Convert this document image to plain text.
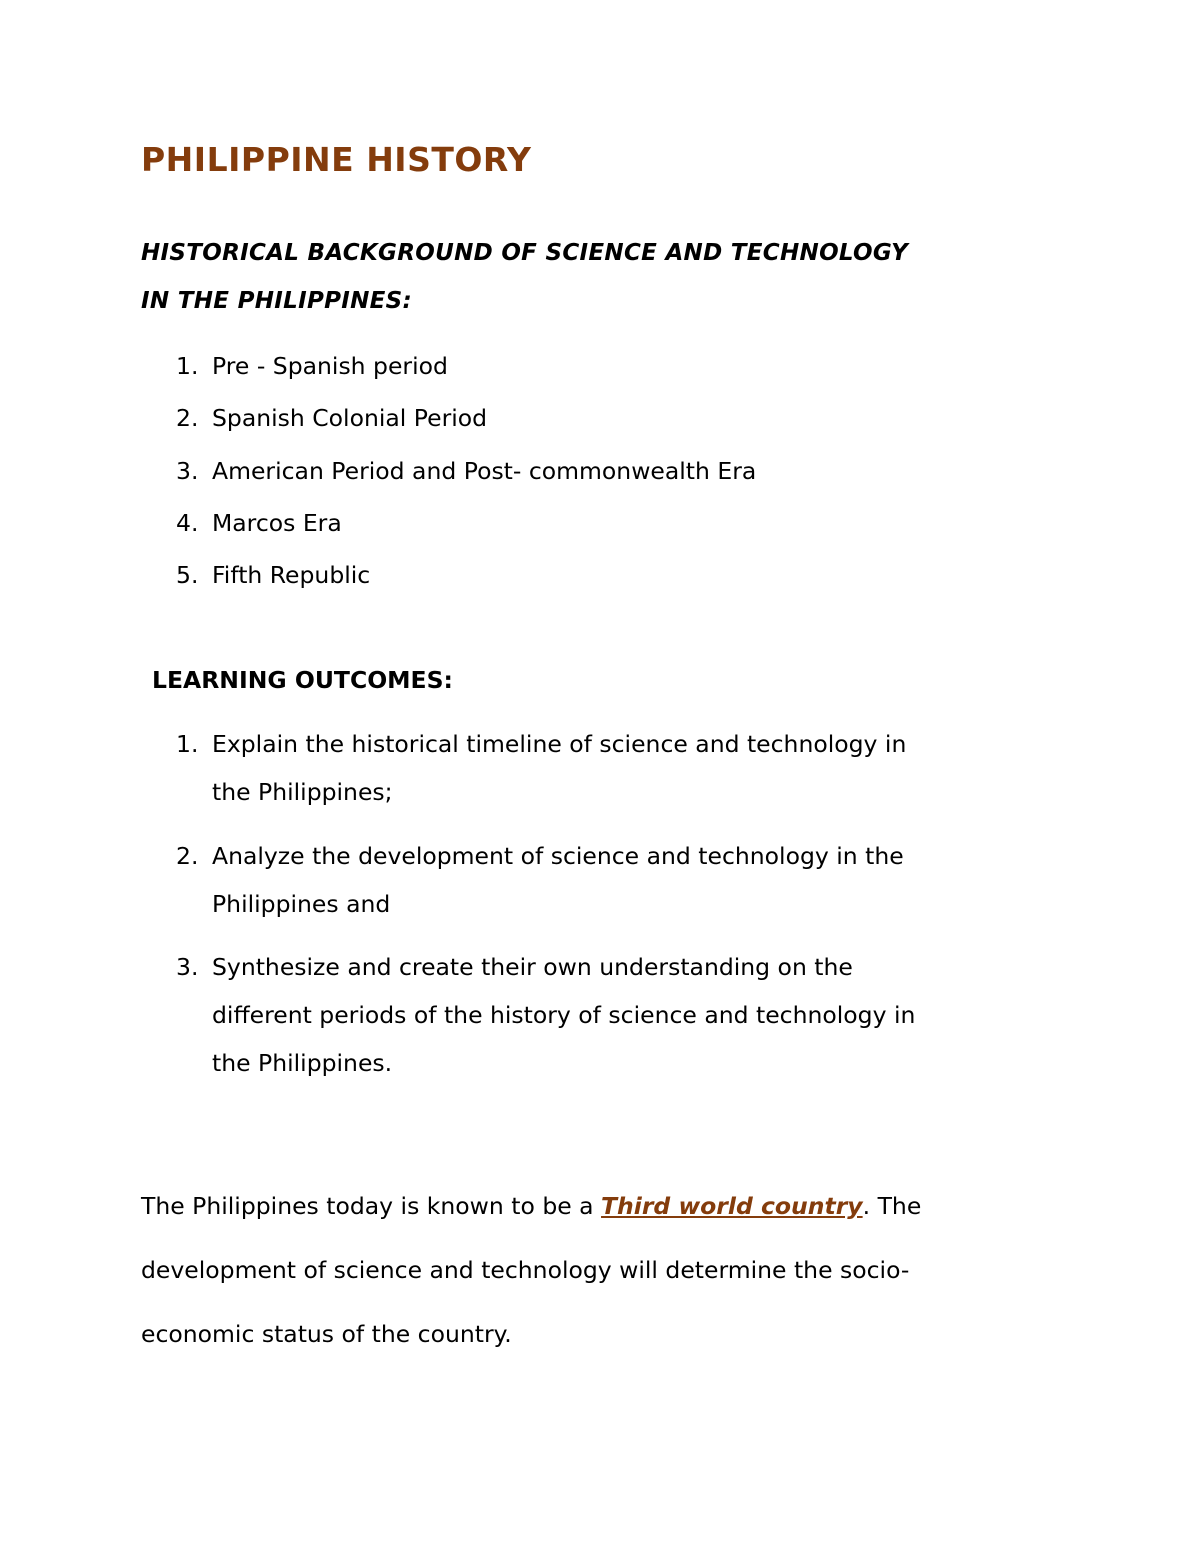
PHILIPPINE HISTORY
HISTORICAL BACKGROUND OF SCIENCE AND TECHNOLOGY
IN THE PHILIPPINES:
1. Pre - Spanish period
2. Spanish Colonial Period
3. American Period and Post- commonwealth Era
4. Marcos Era
5. Fifth Republic
LEARNING OUTCOMES:
1. Explain the historical timeline of science and technology in
the Philippines;
2. Analyze the development of science and technology in the
Philippines and
3. Synthesize and create their own understanding on the
different periods of the history of science and technology in
the Philippines.
The Philippines today is known to be a Third world country. The
development of science and technology will determine the socio-
economic status of the country.
